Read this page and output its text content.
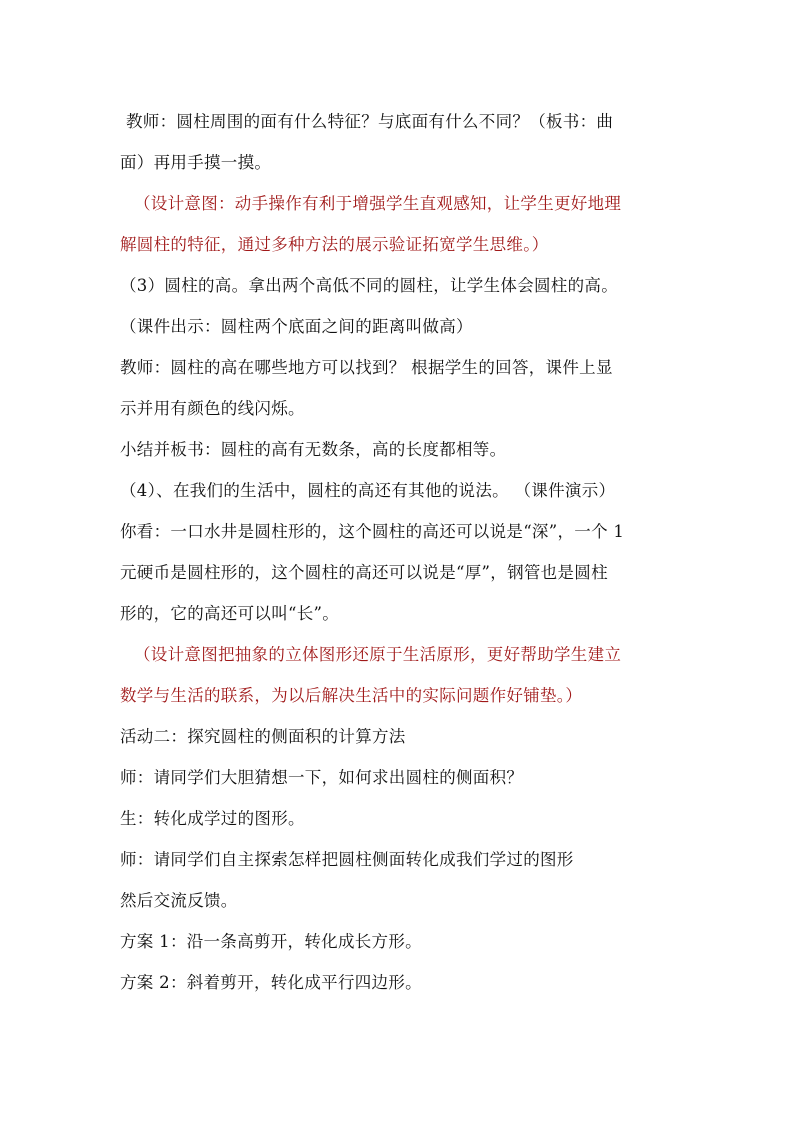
教师：圆柱周围的面有什么特征？与底面有什么不同？（板书：曲
面）再用手摸一摸。
（设计意图：动手操作有利于增强学生直观感知，让学生更好地理
解圆柱的特征，通过多种方法的展示验证拓宽学生思维。）
（3）圆柱的高。拿出两个高低不同的圆柱，让学生体会圆柱的高。
（课件出示：圆柱两个底面之间的距离叫做高）
教师：圆柱的高在哪些地方可以找到？ 根据学生的回答，课件上显
示并用有颜色的线闪烁。
小结并板书：圆柱的高有无数条，高的长度都相等。
（4）、在我们的生活中，圆柱的高还有其他的说法。 （课件演示）
你看：一口水井是圆柱形的，这个圆柱的高还可以说是“深”，一个 1
元硬币是圆柱形的，这个圆柱的高还可以说是“厚”，钢管也是圆柱
形的，它的高还可以叫“长”。
（设计意图把抽象的立体图形还原于生活原形，更好帮助学生建立
数学与生活的联系，为以后解决生活中的实际问题作好铺垫。）
活动二：探究圆柱的侧面积的计算方法
师：请同学们大胆猜想一下，如何求出圆柱的侧面积？
生：转化成学过的图形。
师：请同学们自主探索怎样把圆柱侧面转化成我们学过的图形
然后交流反馈。
方案 1：沿一条高剪开，转化成长方形。
方案 2：斜着剪开，转化成平行四边形。
